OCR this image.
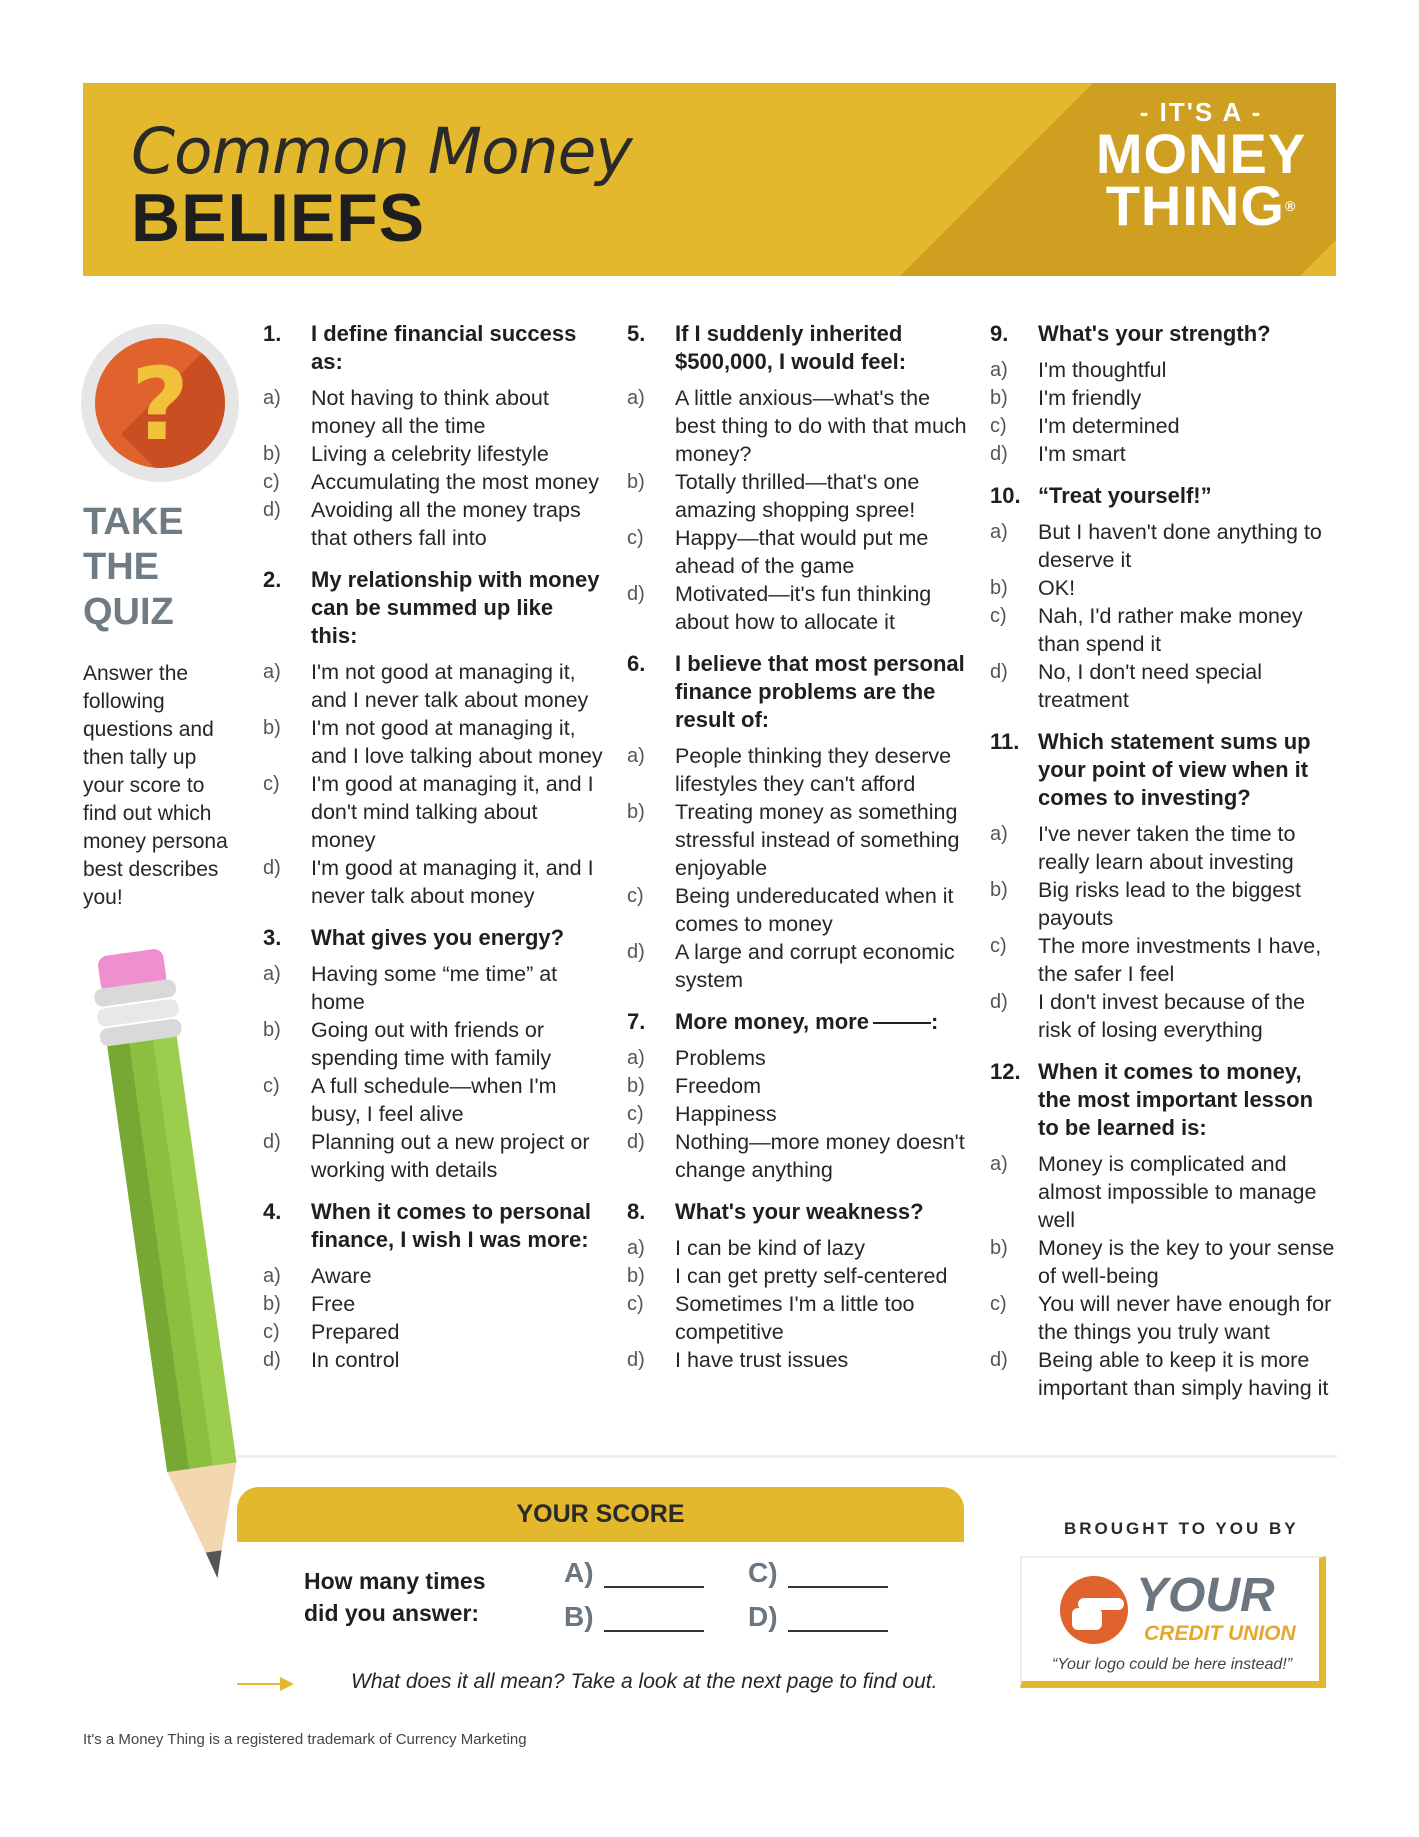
Common Money
BELIEFS
- IT'S A -
MONEY
THING®
?
TAKE
THE
QUIZ
Answer the following questions and then tally up your score to find out which money persona best describes you!
1.	I define financial success as:
a)	Not having to think about money all the time
b)	Living a celebrity lifestyle
c)	Accumulating the most money
d)	Avoiding all the money traps that others fall into
2.	My relationship with money can be summed up like this:
a)	I'm not good at managing it, and I never talk about money
b)	I'm not good at managing it, and I love talking about money
c)	I'm good at managing it, and I don't mind talking about money
d)	I'm good at managing it, and I never talk about money
3.	What gives you energy?
a)	Having some “me time” at home
b)	Going out with friends or spending time with family
c)	A full schedule—when I'm busy, I feel alive
d)	Planning out a new project or working with details
4.	When it comes to personal finance, I wish I was more:
a)	Aware
b)	Free
c)	Prepared
d)	In control
5.	If I suddenly inherited $500,000, I would feel:
a)	A little anxious—what's the best thing to do with that much money?
b)	Totally thrilled—that's one amazing shopping spree!
c)	Happy—that would put me ahead of the game
d)	Motivated—it's fun thinking about how to allocate it
6.	I believe that most personal finance problems are the result of:
a)	People thinking they deserve lifestyles they can't afford
b)	Treating money as something stressful instead of something enjoyable
c)	Being undereducated when it comes to money
d)	A large and corrupt economic system
7.	More money, more	:
a)	Problems
b)	Freedom
c)	Happiness
d)	Nothing—more money doesn't change anything
8.	What's your weakness?
a)	I can be kind of lazy
b)	I can get pretty self-centered
c)	Sometimes I'm a little too competitive
d)	I have trust issues
9.	What's your strength?
a)	I'm thoughtful
b)	I'm friendly
c)	I'm determined
d)	I'm smart
10. “Treat yourself!”
a)	But I haven't done anything to deserve it
b)	OK!
c)	Nah, I'd rather make money than spend it
d)	No, I don't need special treatment
11. Which statement sums up your point of view when it comes to investing?
a)	I've never taken the time to really learn about investing
b)	Big risks lead to the biggest payouts
c)	The more investments I have, the safer I feel
d)	I don't invest because of the risk of losing everything
12. When it comes to money, the most important lesson to be learned is:
a)	Money is complicated and almost impossible to manage well
b)	Money is the key to your sense of well-being
c)	You will never have enough for the things you truly want
d)	Being able to keep it is more important than simply having it
YOUR SCORE
How many times
did you answer:
A)
B)
C)
D)
What does it all mean? Take a look at the next page to find out.
BROUGHT TO YOU BY
YOUR
CREDIT UNION
“Your logo could be here instead!”
It's a Money Thing is a registered trademark of Currency Marketing
